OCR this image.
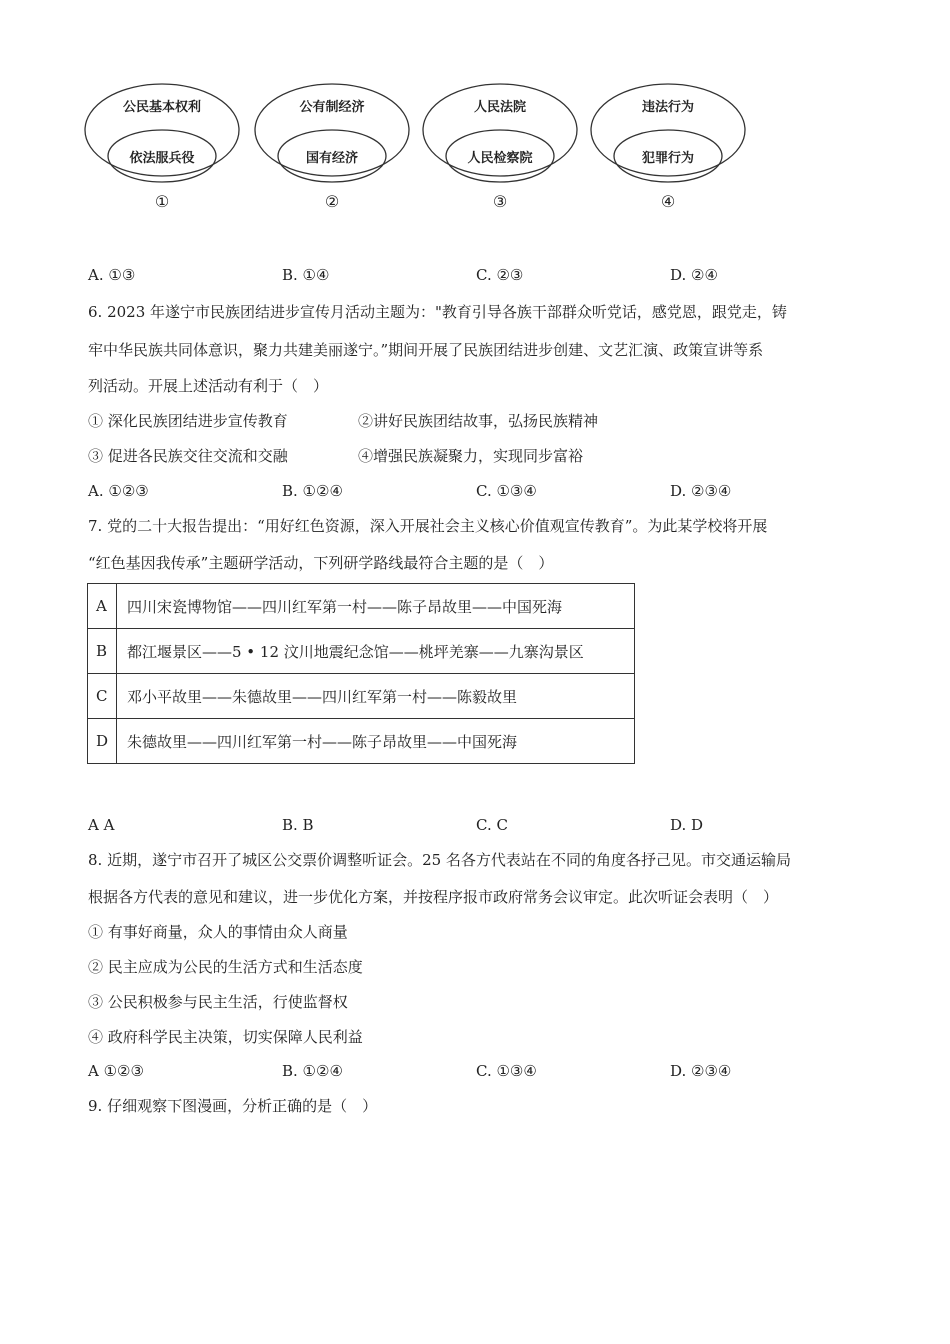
公民基本权利
依法服兵役
①
公有制经济
国有经济
②
人民法院
人民检察院
③
违法行为
犯罪行为
④
A. ①③	B. ①④	C. ②③	D. ②④
6. 2023 年遂宁市民族团结进步宣传月活动主题为："教育引导各族干部群众听党话，感党恩，跟党走，铸
牢中华民族共同体意识，聚力共建美丽遂宁。”期间开展了民族团结进步创建、文艺汇演、政策宣讲等系
列活动。开展上述活动有利于（　）
① 深化民族团结进步宣传教育	②讲好民族团结故事，弘扬民族精神
③ 促进各民族交往交流和交融	④增强民族凝聚力，实现同步富裕
A. ①②③	B. ①②④	C. ①③④	D. ②③④
7. 党的二十大报告提出：“用好红色资源，深入开展社会主义核心价值观宣传教育”。为此某学校将开展
“红色基因我传承”主题研学活动，下列研学路线最符合主题的是（　）
A	四川宋瓷博物馆——四川红军第一村——陈子昂故里——中国死海
B	都江堰景区——5 • 12 汶川地震纪念馆——桃坪羌寨——九寨沟景区
C	邓小平故里——朱德故里——四川红军第一村——陈毅故里
D	朱德故里——四川红军第一村——陈子昂故里——中国死海
A A	B. B	C. C	D. D
8. 近期，遂宁市召开了城区公交票价调整听证会。25 名各方代表站在不同的角度各抒己见。市交通运输局
根据各方代表的意见和建议，进一步优化方案，并按程序报市政府常务会议审定。此次听证会表明（　）
① 有事好商量，众人的事情由众人商量
② 民主应成为公民的生活方式和生活态度
③ 公民积极参与民主生活，行使监督权
④ 政府科学民主决策，切实保障人民利益
A ①②③	B. ①②④	C. ①③④	D. ②③④
9. 仔细观察下图漫画，分析正确的是（　）
